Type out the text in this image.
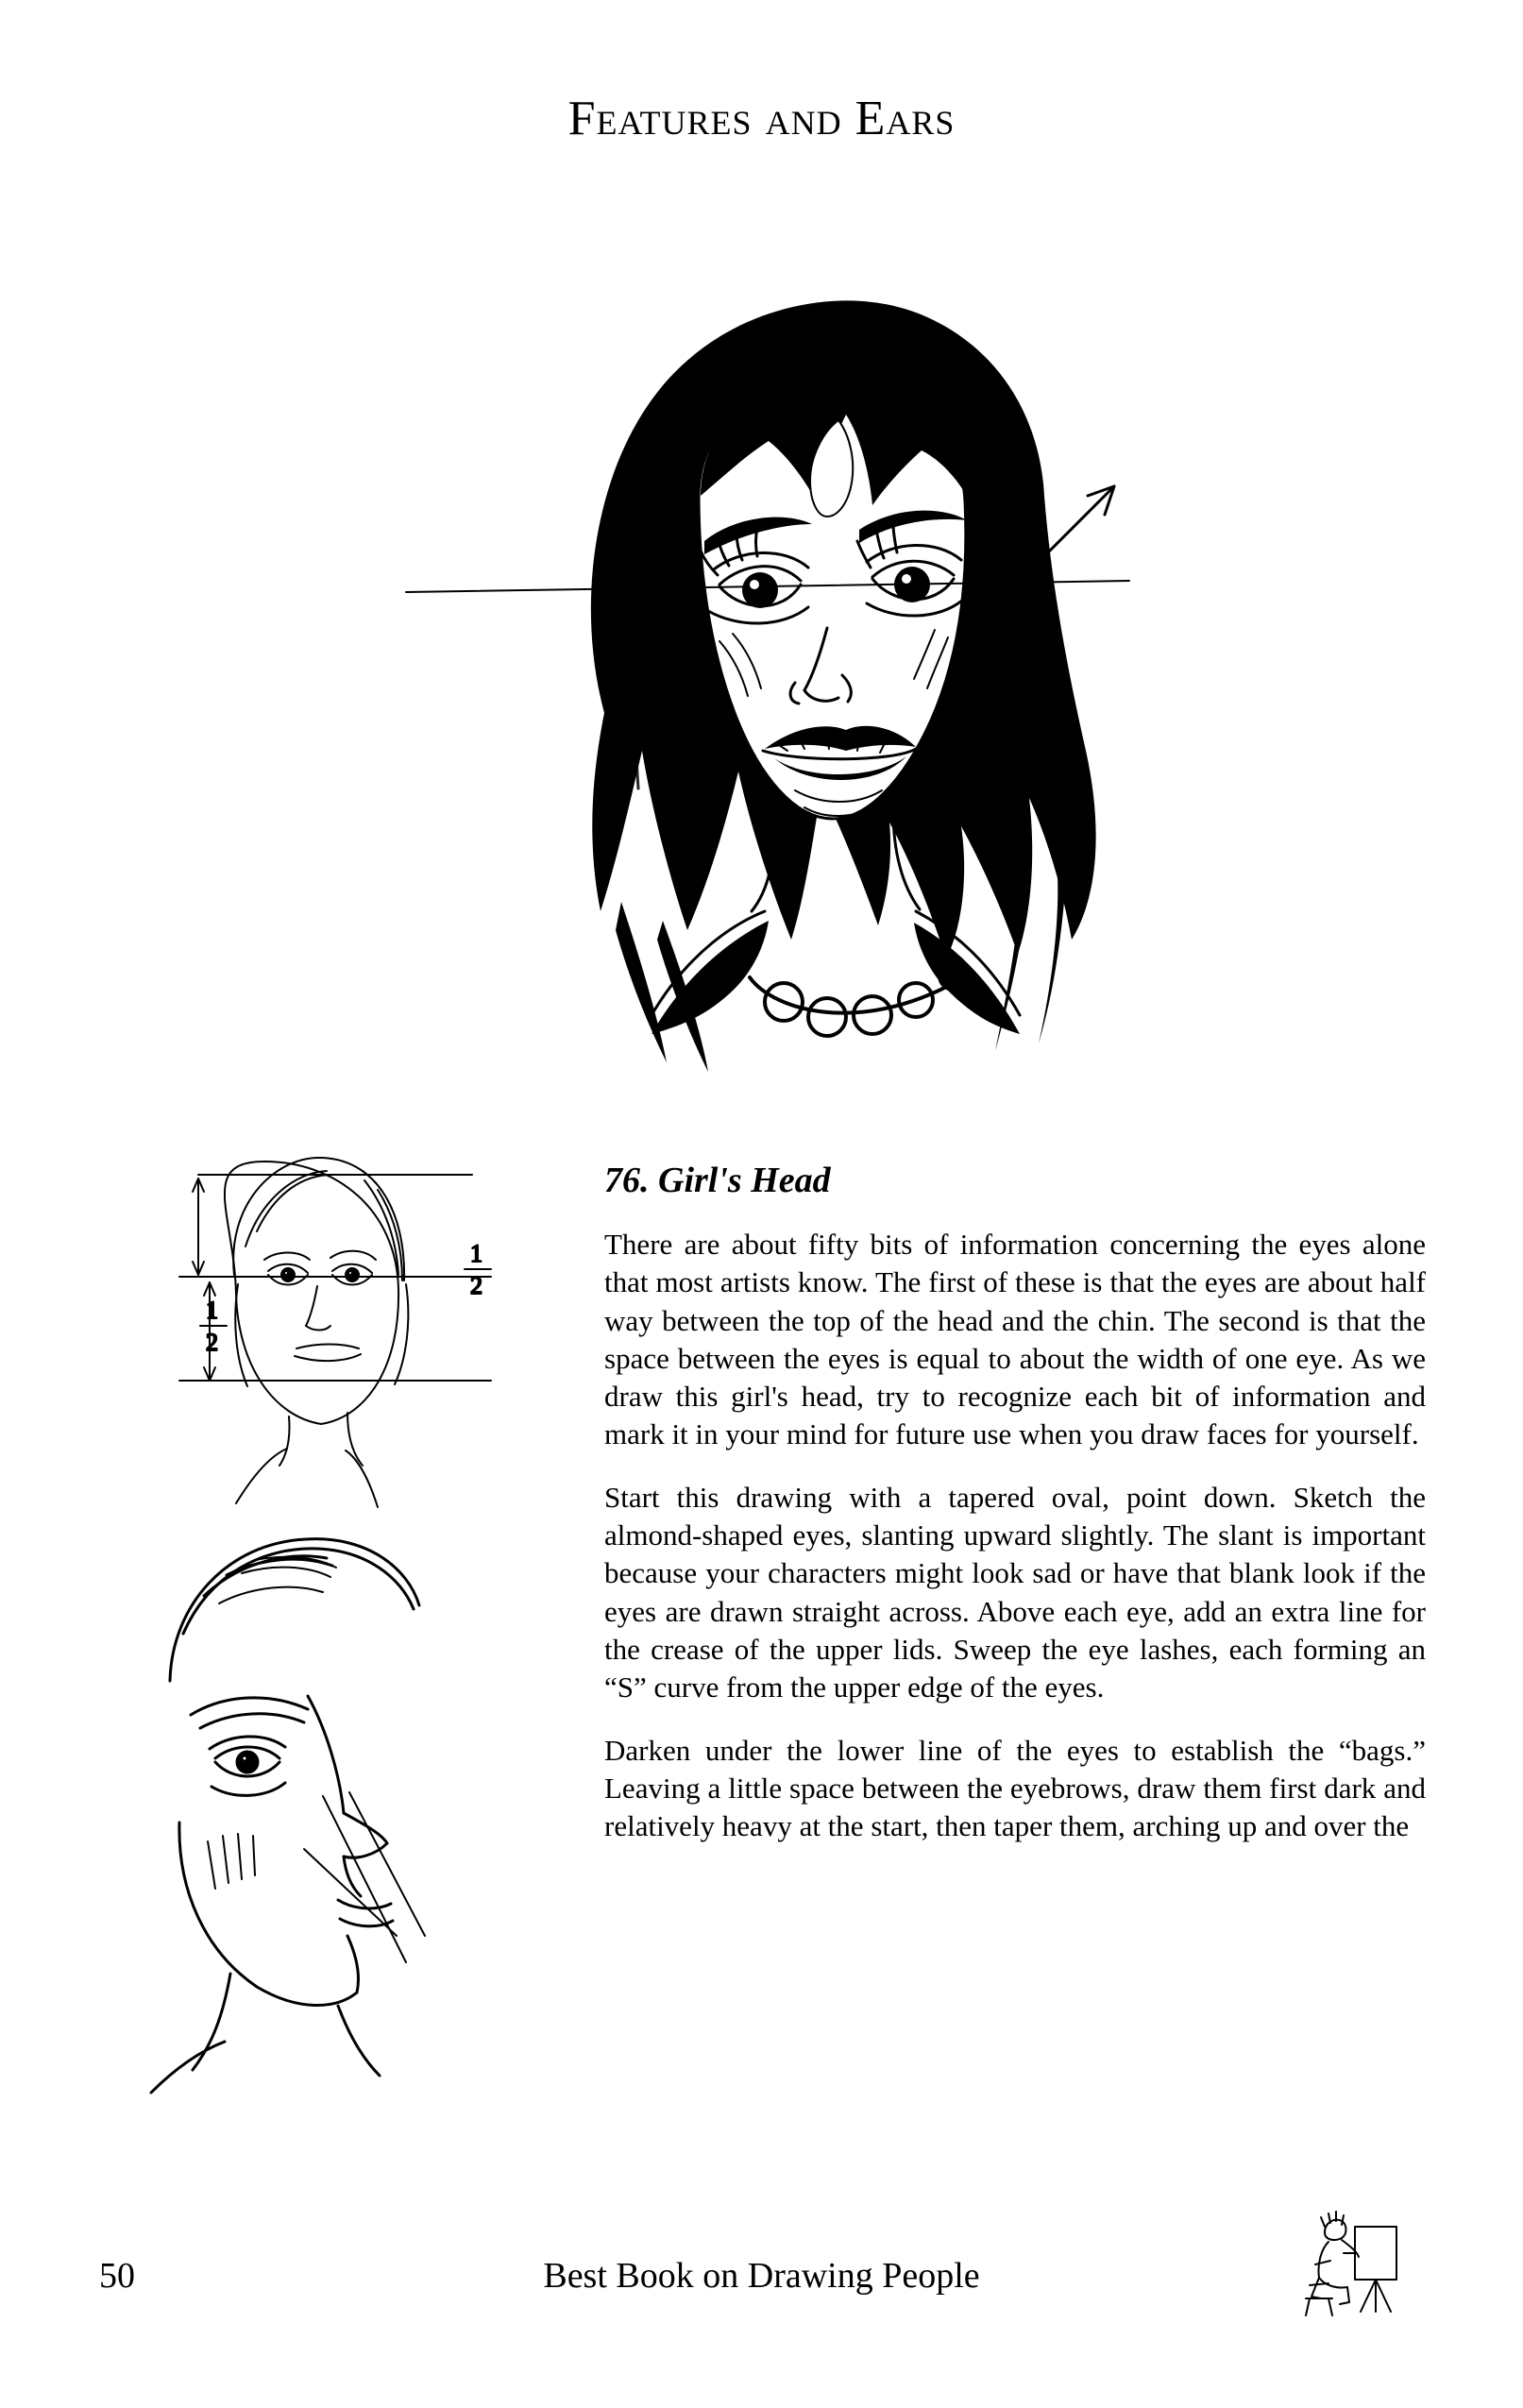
Features and Ears
1
2
1
2
76. Girl's Head

There are about fifty bits of information concerning the eyes alone that most artists know. The first of these is that the eyes are about half way between the top of the head and the chin. The second is that the space between the eyes is equal to about the width of one eye. As we draw this girl's head, try to recognize each bit of information and mark it in your mind for future use when you draw faces for yourself.

Start this drawing with a tapered oval, point down. Sketch the almond-shaped eyes, slanting upward slightly. The slant is important because your characters might look sad or have that blank look if the eyes are drawn straight across. Above each eye, add an extra line for the crease of the upper lids. Sweep the eye lashes, each forming an “S” curve from the upper edge of the eyes.

Darken under the lower line of the eyes to establish the “bags.” Leaving a little space between the eyebrows, draw them first dark and relatively heavy at the start, then taper them, arching up and over the

50	Best Book on Drawing People
